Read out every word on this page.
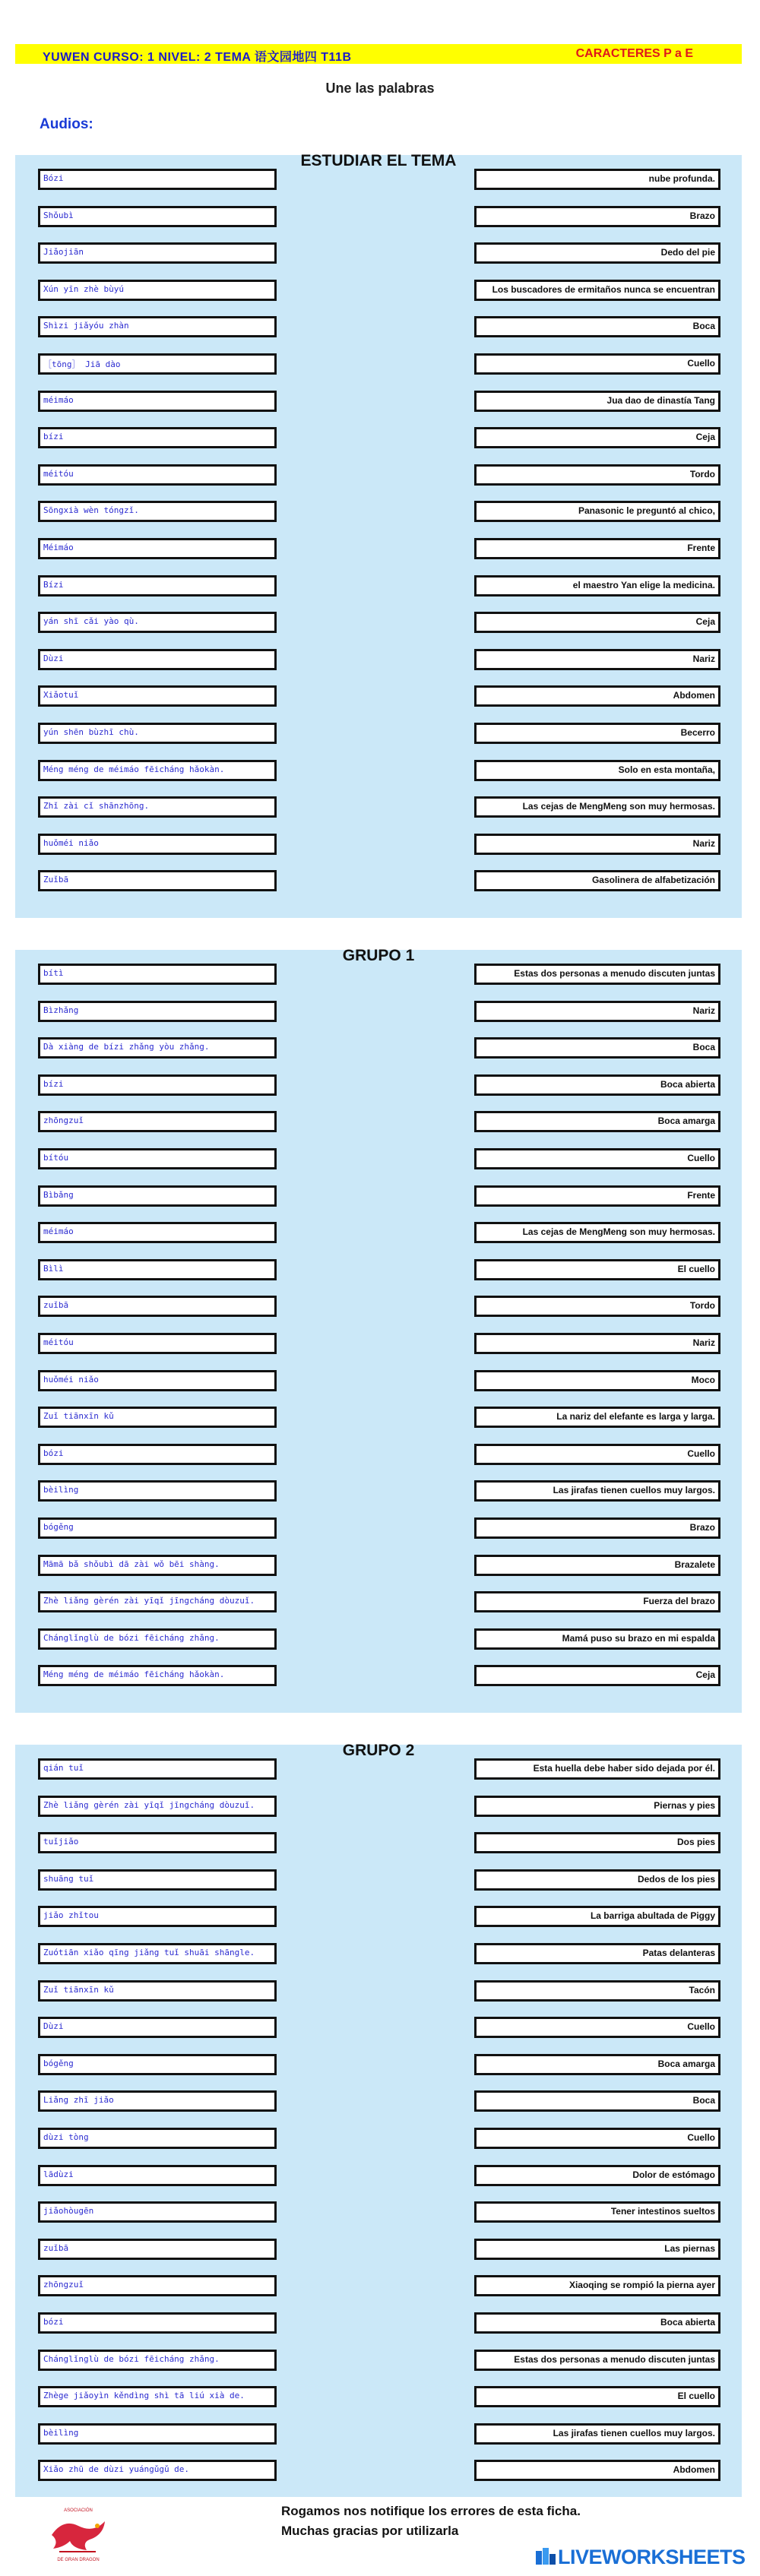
YUWEN CURSO: 1 NIVEL: 2 TEMA 语文园地四 T11B	CARACTERES P a E
Une las palabras
Audios:
ESTUDIAR EL TEMA
Bózi	nube profunda.
Shǒubì	Brazo
Jiǎojiān	Dedo del pie
Xún yīn zhè bùyú	Los buscadores de ermitaños nunca se encuentran
Shìzi jiǎyóu zhàn	Boca
［tōng］ Jiā dào	Cuello
méimáo	Jua dao de dinastía Tang
bízi	Ceja
méitóu	Tordo
Sōngxià wèn tóngzǐ.	Panasonic le preguntó al chico,
Méimáo	Frente
Bízi	el maestro Yan elige la medicina.
yán shī cǎi yào qù.	Ceja
Dùzi	Nariz
Xiǎotuǐ	Abdomen
yún shēn bùzhī chù.	Becerro
Méng méng de méimáo fēicháng hǎokàn.	Solo en esta montaña,
Zhǐ zài cǐ shānzhōng.	Las cejas de MengMeng son muy hermosas.
huǒméi niǎo	Nariz
Zuǐbā	Gasolinera de alfabetización
GRUPO 1
bítì	Estas dos personas a menudo discuten juntas
Bìzhǎng	Nariz
Dà xiàng de bízi zhǎng yòu zhǎng.	Boca
bízi	Boca abierta
zhōngzuǐ	Boca amarga
bítóu	Cuello
Bìbǎng	Frente
méimáo	Las cejas de MengMeng son muy hermosas.
Bìlì	El cuello
zuǐbā	Tordo
méitóu	Nariz
huǒméi niǎo	Moco
Zuǐ tiānxīn kǔ	La nariz del elefante es larga y larga.
bózi	Cuello
bèilìng	Las jirafas tienen cuellos muy largos.
bógěng	Brazo
Māmā bǎ shǒubì dā zài wǒ bēi shàng.	Brazalete
Zhè liǎng gèrén zài yīqǐ jīngcháng dòuzuǐ.	Fuerza del brazo
Chánglǐnglù de bózi fēicháng zhǎng.	Mamá puso su brazo en mi espalda
Méng méng de méimáo fēicháng hǎokàn.	Ceja
GRUPO 2
qián tuǐ	Esta huella debe haber sido dejada por él.
Zhè liǎng gèrén zài yīqǐ jīngcháng dòuzuǐ.	Piernas y pies
tuǐjiǎo	Dos pies
shuāng tuǐ	Dedos de los pies
jiǎo zhǐtou	La barriga abultada de Piggy
Zuótiān xiǎo qīng jiǎng tuǐ shuāi shāngle.	Patas delanteras
Zuǐ tiānxīn kǔ	Tacón
Dùzi	Cuello
bógěng	Boca amarga
Liǎng zhī jiǎo	Boca
dùzi tòng	Cuello
lādùzi	Dolor de estómago
jiǎohòugēn	Tener intestinos sueltos
zuǐbā	Las piernas
zhōngzuǐ	Xiaoqing se rompió la pierna ayer
bózi	Boca abierta
Chánglǐnglù de bózi fēicháng zhǎng.	Estas dos personas a menudo discuten juntas
Zhège jiǎoyìn kěndìng shì tā liú xià de.	El cuello
bèilìng	Las jirafas tienen cuellos muy largos.
Xiǎo zhū de dùzi yuángǔgǔ de.	Abdomen
ASOCIACIÓN
DE GRAN DRAGON
Rogamos nos notifique los errores de esta ficha.
Muchas gracias por utilizarla
LIVEWORKSHEETS
